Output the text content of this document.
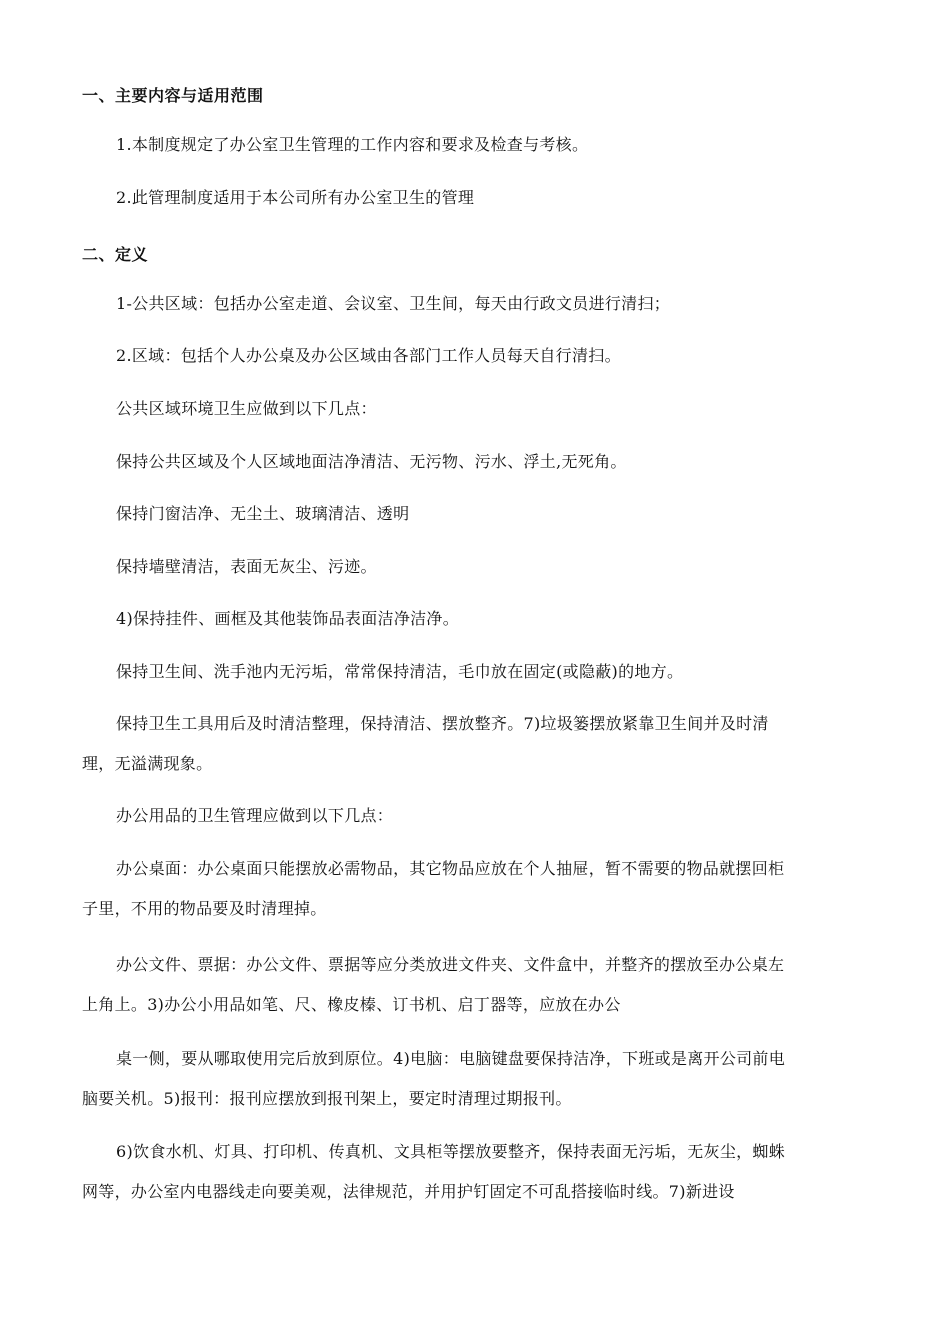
一、主要内容与适用范围
1.本制度规定了办公室卫生管理的工作内容和要求及检查与考核。
2.此管理制度适用于本公司所有办公室卫生的管理
二、定义
1-公共区域：包括办公室走道、会议室、卫生间，每天由行政文员进行清扫；
2.区域：包括个人办公桌及办公区域由各部门工作人员每天自行清扫。
公共区域环境卫生应做到以下几点：
保持公共区域及个人区域地面洁净清洁、无污物、污水、浮土,无死角。
保持门窗洁净、无尘土、玻璃清洁、透明
保持墙壁清洁，表面无灰尘、污迹。
4)保持挂件、画框及其他装饰品表面洁净洁净。
保持卫生间、洗手池内无污垢，常常保持清洁，毛巾放在固定(或隐蔽)的地方。
保持卫生工具用后及时清洁整理，保持清洁、摆放整齐。7)垃圾篓摆放紧靠卫生间并及时清
理，无溢满现象。
办公用品的卫生管理应做到以下几点：
办公桌面：办公桌面只能摆放必需物品，其它物品应放在个人抽屉，暂不需要的物品就摆回柜
子里，不用的物品要及时清理掉。
办公文件、票据：办公文件、票据等应分类放进文件夹、文件盒中，并整齐的摆放至办公桌左
上角上。3)办公小用品如笔、尺、橡皮榛、订书机、启丁器等，应放在办公
桌一侧，要从哪取使用完后放到原位。4)电脑：电脑键盘要保持洁净，下班或是离开公司前电
脑要关机。5)报刊：报刊应摆放到报刊架上，要定时清理过期报刊。
6)饮食水机、灯具、打印机、传真机、文具柜等摆放要整齐，保持表面无污垢，无灰尘，蜘蛛
网等，办公室内电器线走向要美观，法律规范，并用护钉固定不可乱搭接临时线。7)新进设
